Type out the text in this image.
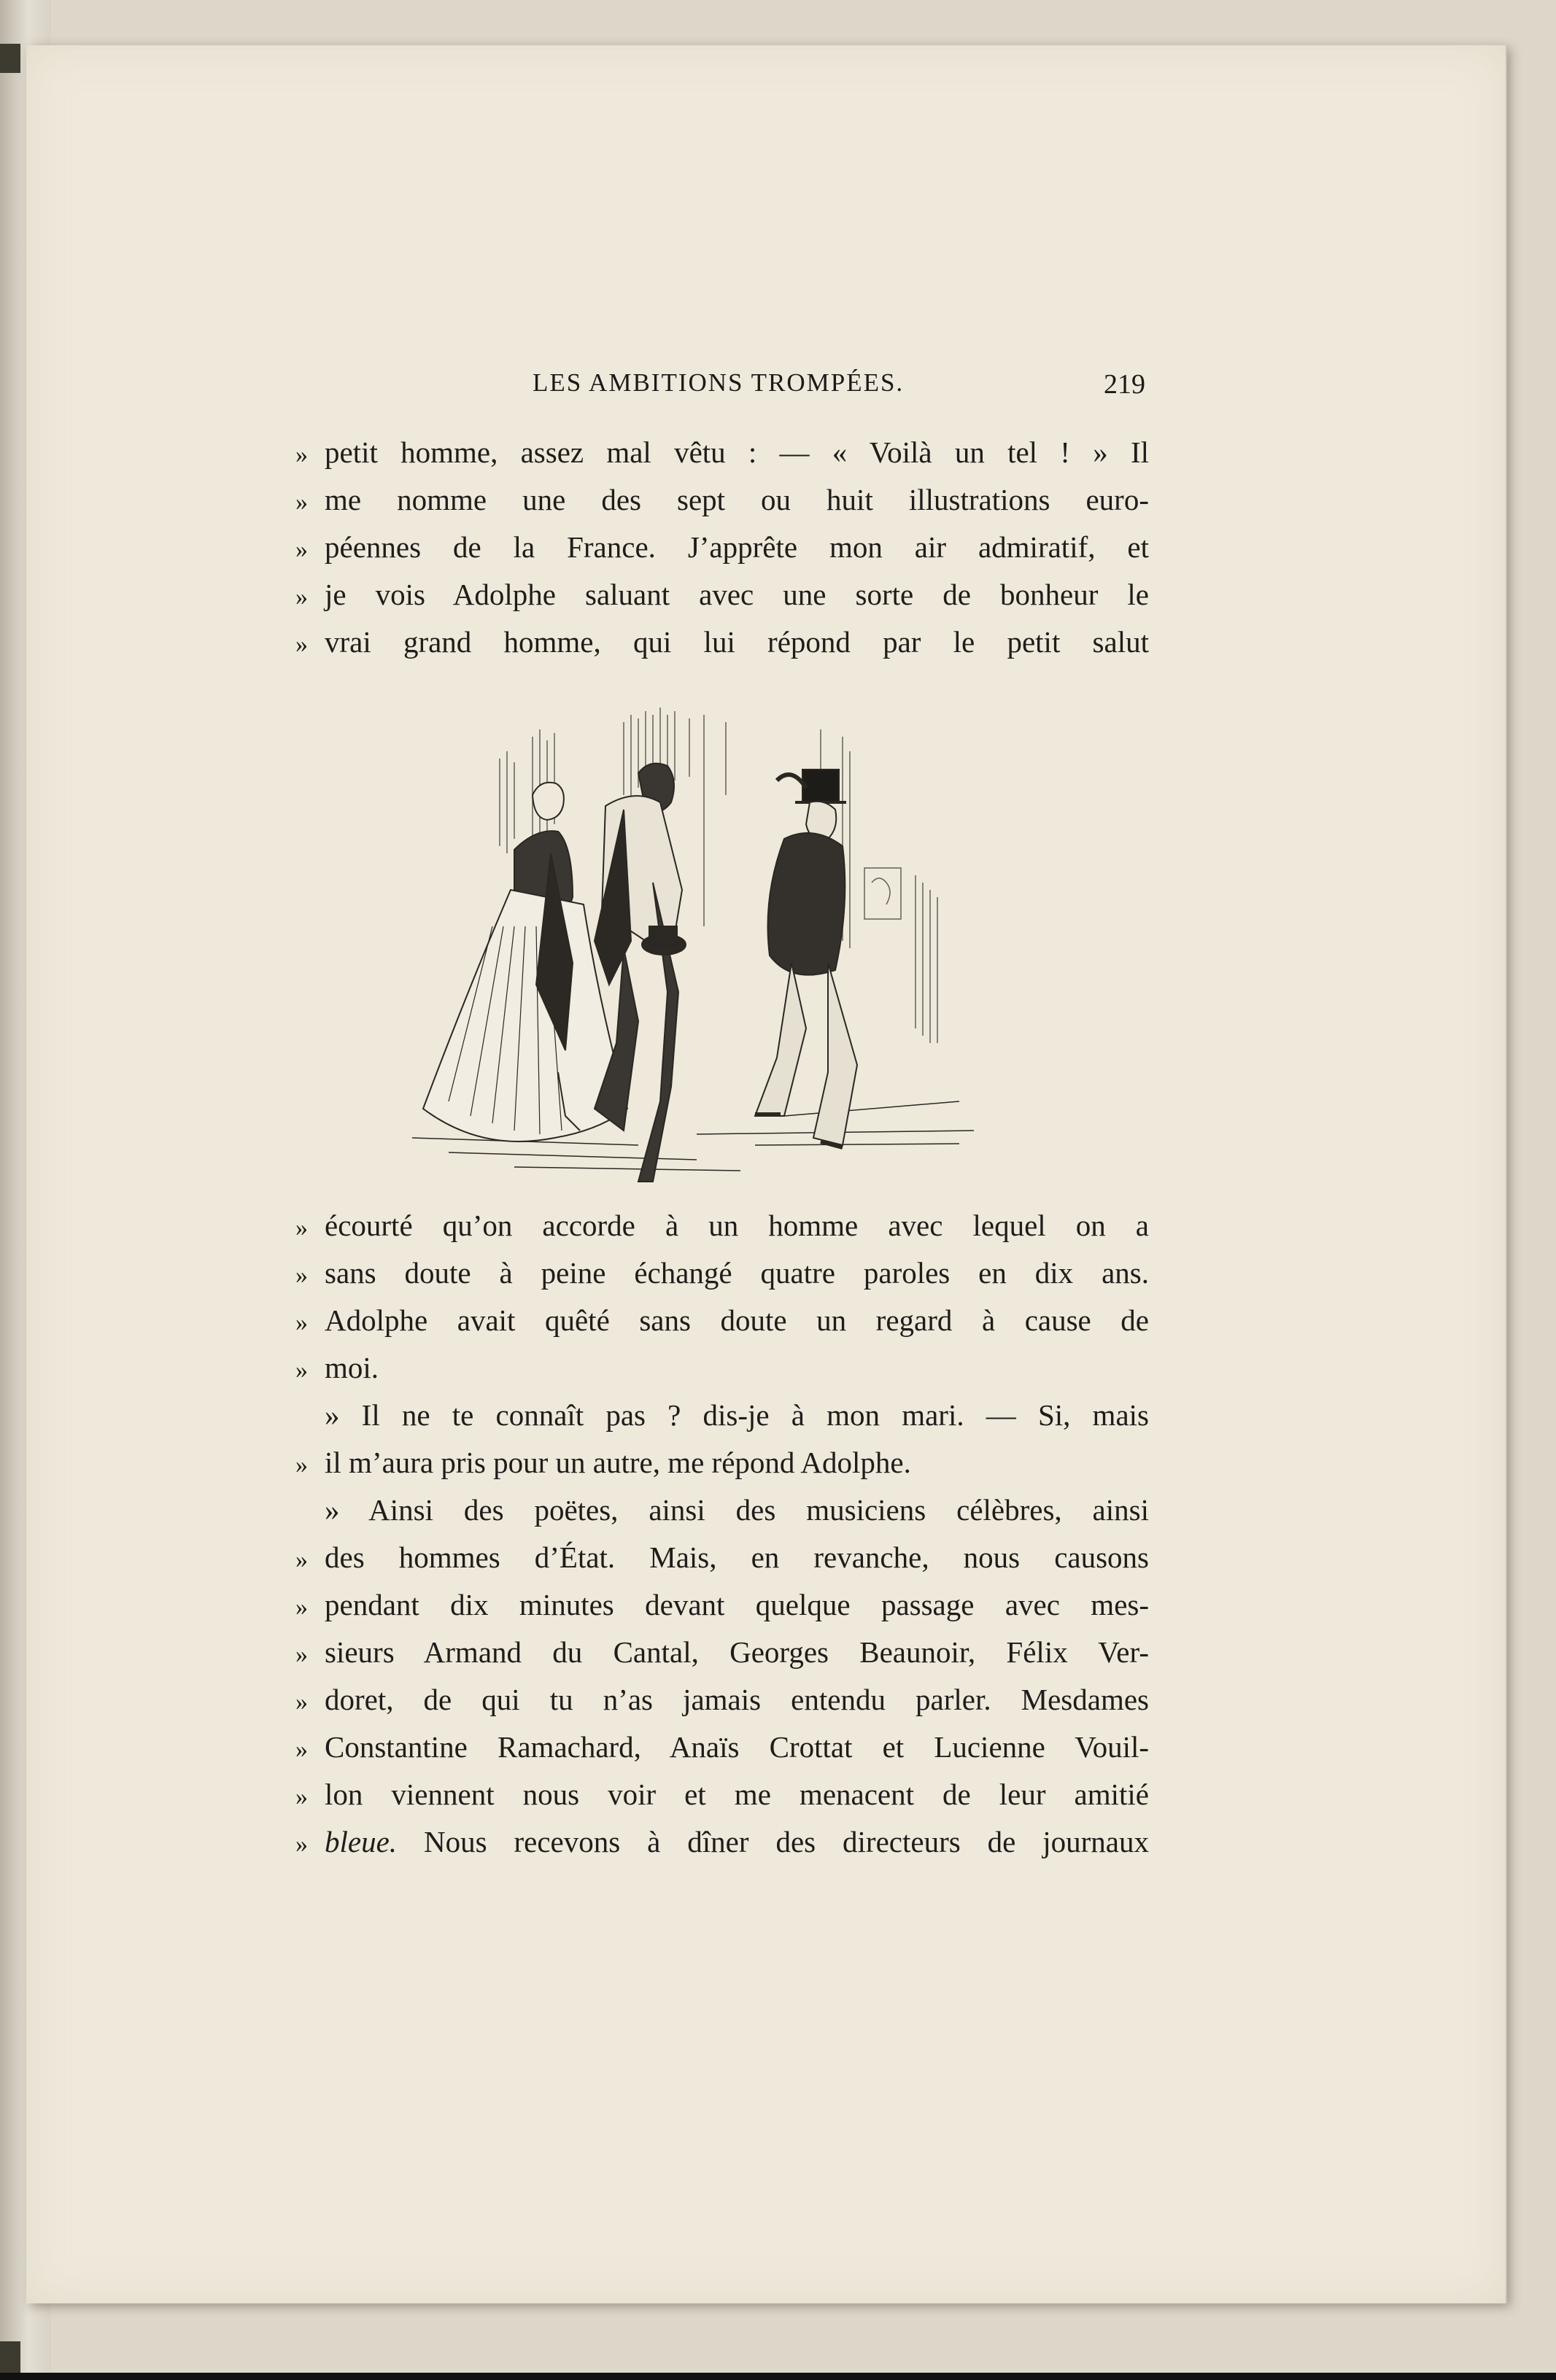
LES AMBITIONS TROMPÉES.	219
» petit homme, assez mal vêtu : — « Voilà un tel ! » Il
» me nomme une des sept ou huit illustrations euro-
» péennes de la France. J’apprête mon air admiratif, et
» je vois Adolphe saluant avec une sorte de bonheur le
» vrai grand homme, qui lui répond par le petit salut
» écourté qu’on accorde à un homme avec lequel on a
» sans doute à peine échangé quatre paroles en dix ans.
» Adolphe avait quêté sans doute un regard à cause de
» moi.
» Il ne te connaît pas ? dis-je à mon mari. — Si, mais
» il m’aura pris pour un autre, me répond Adolphe.
» Ainsi des poëtes, ainsi des musiciens célèbres, ainsi
» des hommes d’État. Mais, en revanche, nous causons
» pendant dix minutes devant quelque passage avec mes-
» sieurs Armand du Cantal, Georges Beaunoir, Félix Ver-
» doret, de qui tu n’as jamais entendu parler. Mesdames
» Constantine Ramachard, Anaïs Crottat et Lucienne Vouil-
» lon viennent nous voir et me menacent de leur amitié
» bleue. Nous recevons à dîner des directeurs de journaux
